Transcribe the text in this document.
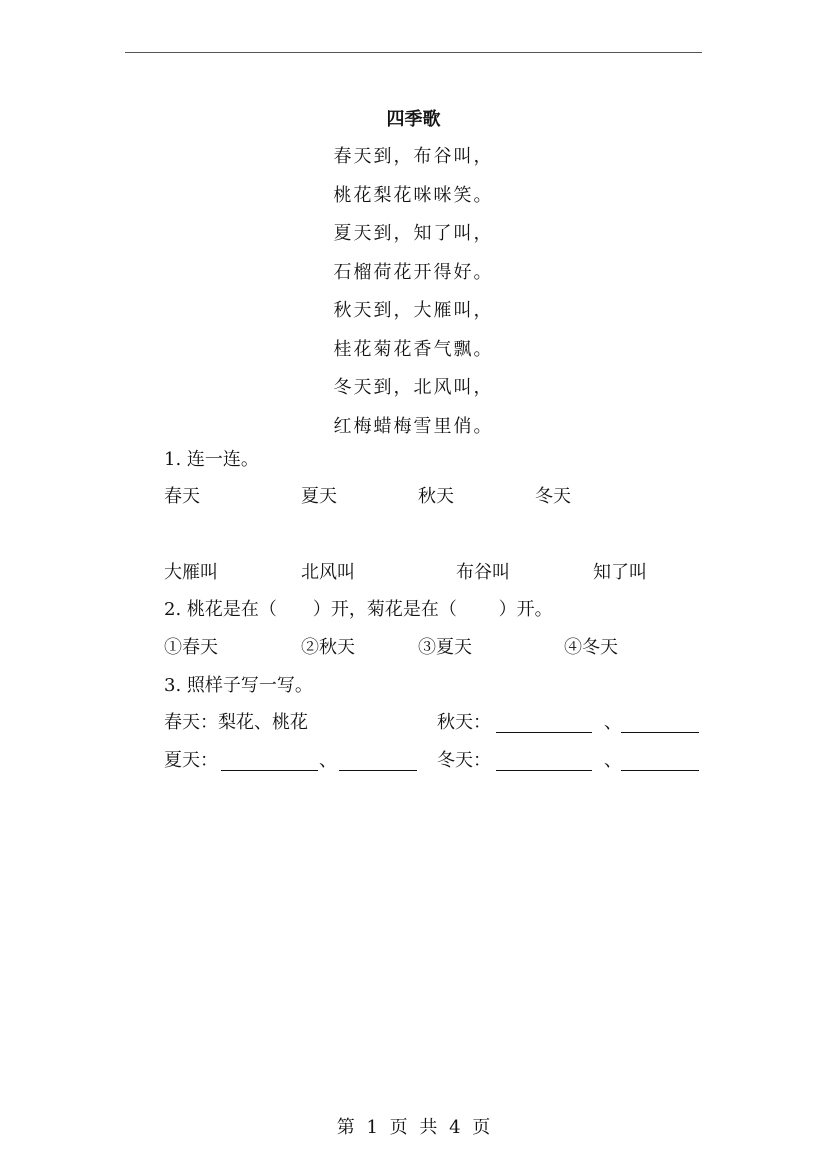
四季歌
春天到，布谷叫，
桃花梨花咪咪笑。
夏天到，知了叫，
石榴荷花开得好。
秋天到，大雁叫，
桂花菊花香气飘。
冬天到，北风叫，
红梅蜡梅雪里俏。
1. 连一连。
春天	夏天	秋天	冬天
大雁叫	北风叫	布谷叫	知了叫
2. 桃花是在（　　）开，菊花是在（　　 ）开。
①春天	②秋天	③夏天	④冬天
3. 照样子写一写。
春天：梨花、桃花	秋天：	、
夏天：	、	冬天：	、
第 1 页 共 4 页
